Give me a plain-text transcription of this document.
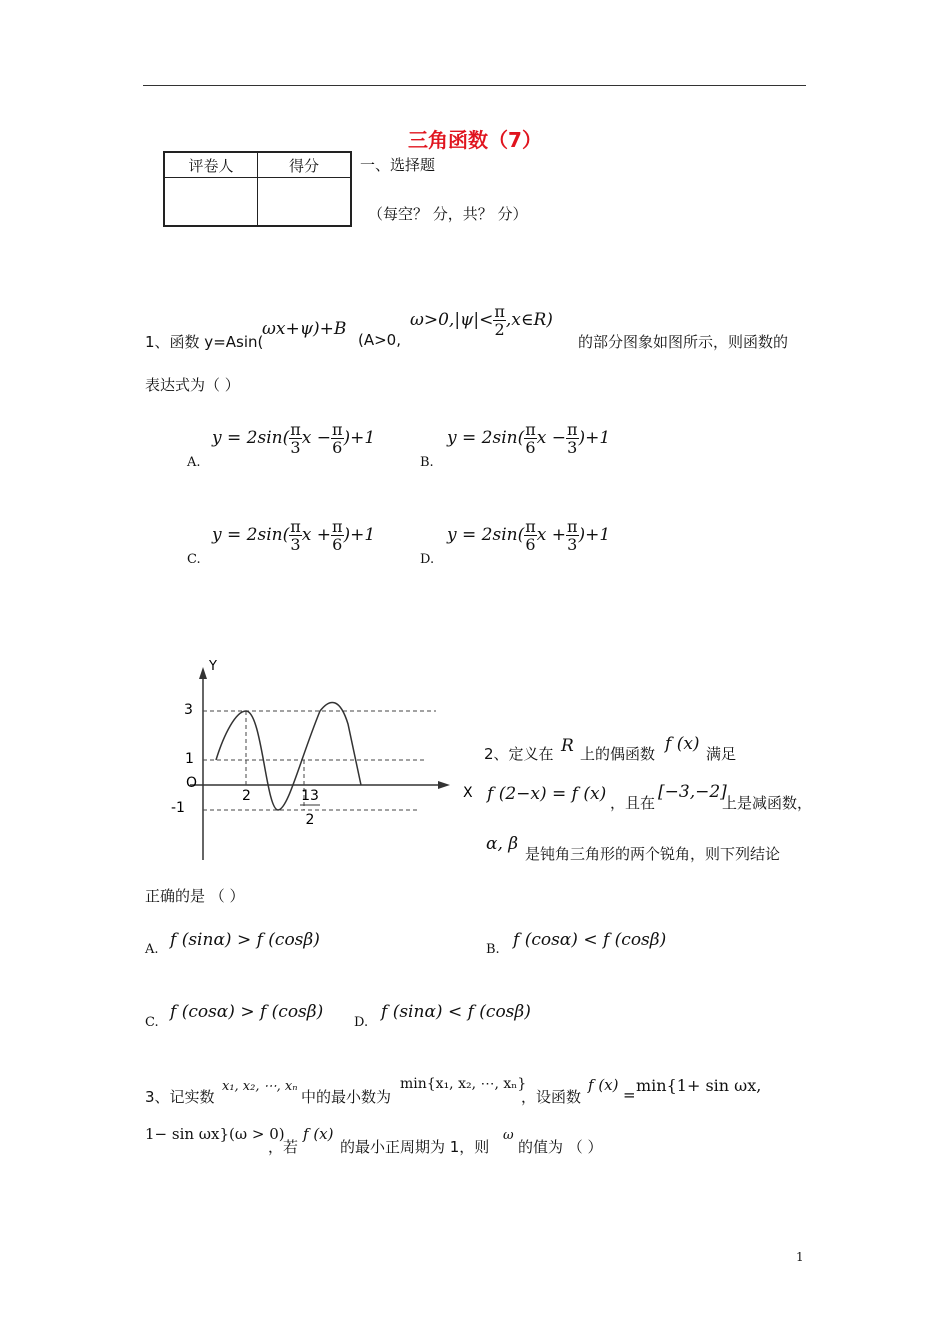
三角函数（7）
评卷人	得分
		一、选择题
（每空？ 分，共？ 分）
1、函数 y=Asin(
ωx+ψ)+B
(A>0,
$\omega>0,|\psi|< \frac{\pi}{2}$ ,x∈R)
的部分图象如图所示，则函数的
表达式为（ ）
A.
$y = 2\sin( \frac{\pi}{3}$ $x - \frac{\pi}{6} )+1$
B.
$y = 2\sin( \frac{\pi}{6}$ $x - \frac{\pi}{3} )+1$
C.
$y = 2\sin( \frac{\pi}{3}$ $x + \frac{\pi}{6} )+1$
D.
$y = 2\sin( \frac{\pi}{6}$ $x + \frac{\pi}{3} )+1$
Y
X
O
3
1
-1
2	13
2
2、定义在 R 上的偶函数 f (x) 满足
f (2−x) = f (x) ，且在
[−3,−2]
上是减函数，
α, β 是钝角三角形的两个锐角，则下列结论
正确的是 （ ）
A. f (sinα) > f (cosβ)	B. f (cosα) < f (cosβ)
C.
f (cosα) > f (cosβ)
D.
f (sinα) < f (cosβ)
3、记实数
x₁, x₂, ⋯, xₙ
中的最小数为
min{x₁, x₂, ⋯, xₙ}
，设函数
f (x)
= min{1+ sin ωx,
1− sin ωx}(ω > 0)
，若
f (x)
的最小正周期为 1，则
ω
的值为 （ ）
1
